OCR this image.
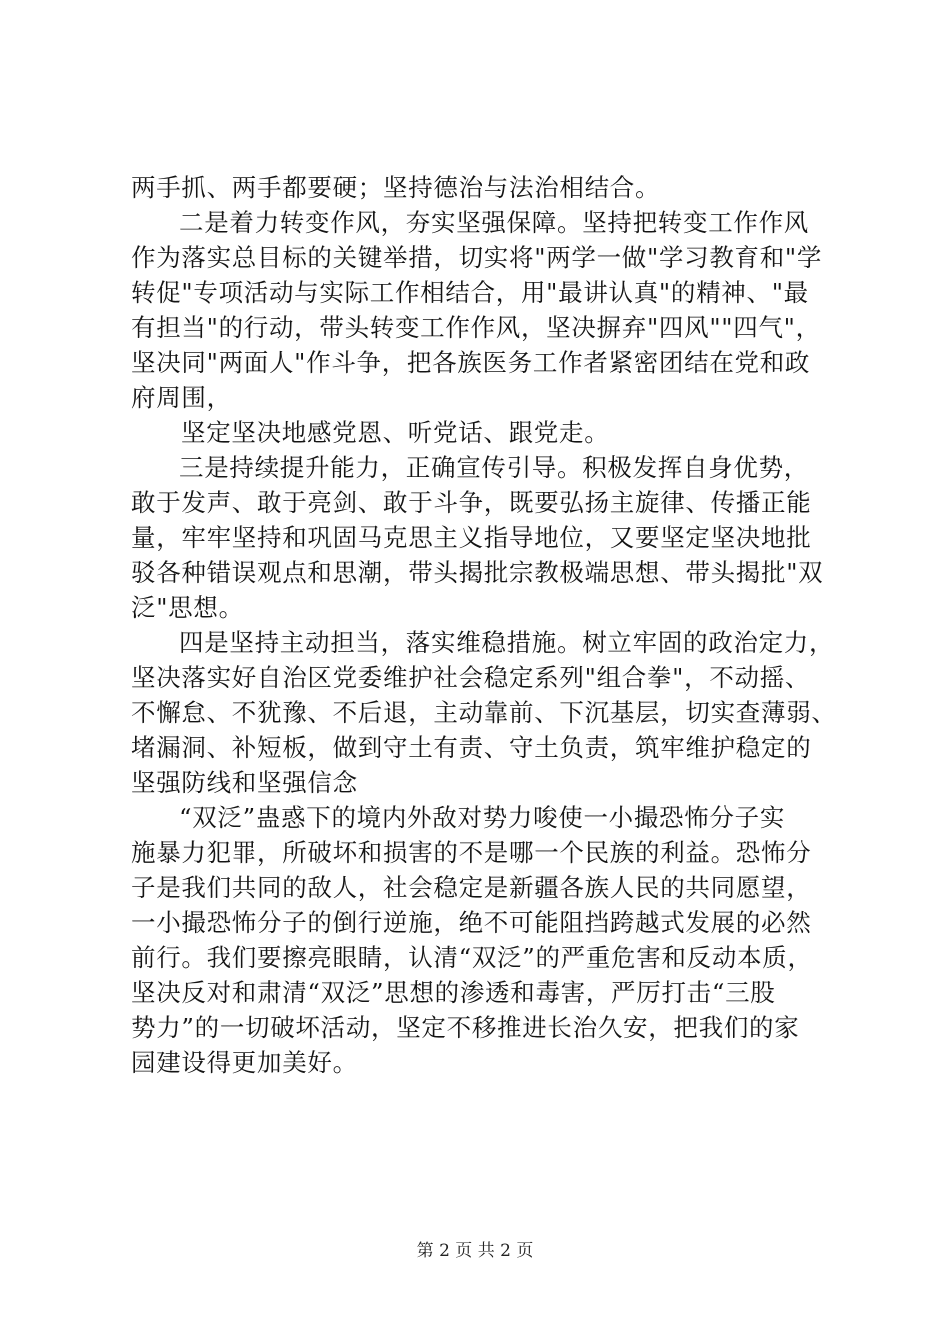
两手抓、两手都要硬；坚持德治与法治相结合。
二是着力转变作风，夯实坚强保障。坚持把转变工作作风
作为落实总目标的关键举措，切实将"两学一做"学习教育和"学
转促"专项活动与实际工作相结合，用"最讲认真"的精神、"最
有担当"的行动，带头转变工作作风，坚决摒弃"四风""四气"，
坚决同"两面人"作斗争，把各族医务工作者紧密团结在党和政
府周围，
坚定坚决地感党恩、听党话、跟党走。
三是持续提升能力，正确宣传引导。积极发挥自身优势，
敢于发声、敢于亮剑、敢于斗争，既要弘扬主旋律、传播正能
量，牢牢坚持和巩固马克思主义指导地位，又要坚定坚决地批
驳各种错误观点和思潮，带头揭批宗教极端思想、带头揭批"双
泛"思想。
四是坚持主动担当，落实维稳措施。树立牢固的政治定力，
坚决落实好自治区党委维护社会稳定系列"组合拳"，不动摇、
不懈怠、不犹豫、不后退，主动靠前、下沉基层，切实查薄弱、
堵漏洞、补短板，做到守土有责、守土负责，筑牢维护稳定的
坚强防线和坚强信念
“双泛”蛊惑下的境内外敌对势力唆使一小撮恐怖分子实
施暴力犯罪，所破坏和损害的不是哪一个民族的利益。恐怖分
子是我们共同的敌人，社会稳定是新疆各族人民的共同愿望，
一小撮恐怖分子的倒行逆施，绝不可能阻挡跨越式发展的必然
前行。我们要擦亮眼睛，认清“双泛”的严重危害和反动本质，
坚决反对和肃清“双泛”思想的渗透和毒害，严厉打击“三股
势力”的一切破坏活动，坚定不移推进长治久安，把我们的家
园建设得更加美好。
第 2 页 共 2 页
